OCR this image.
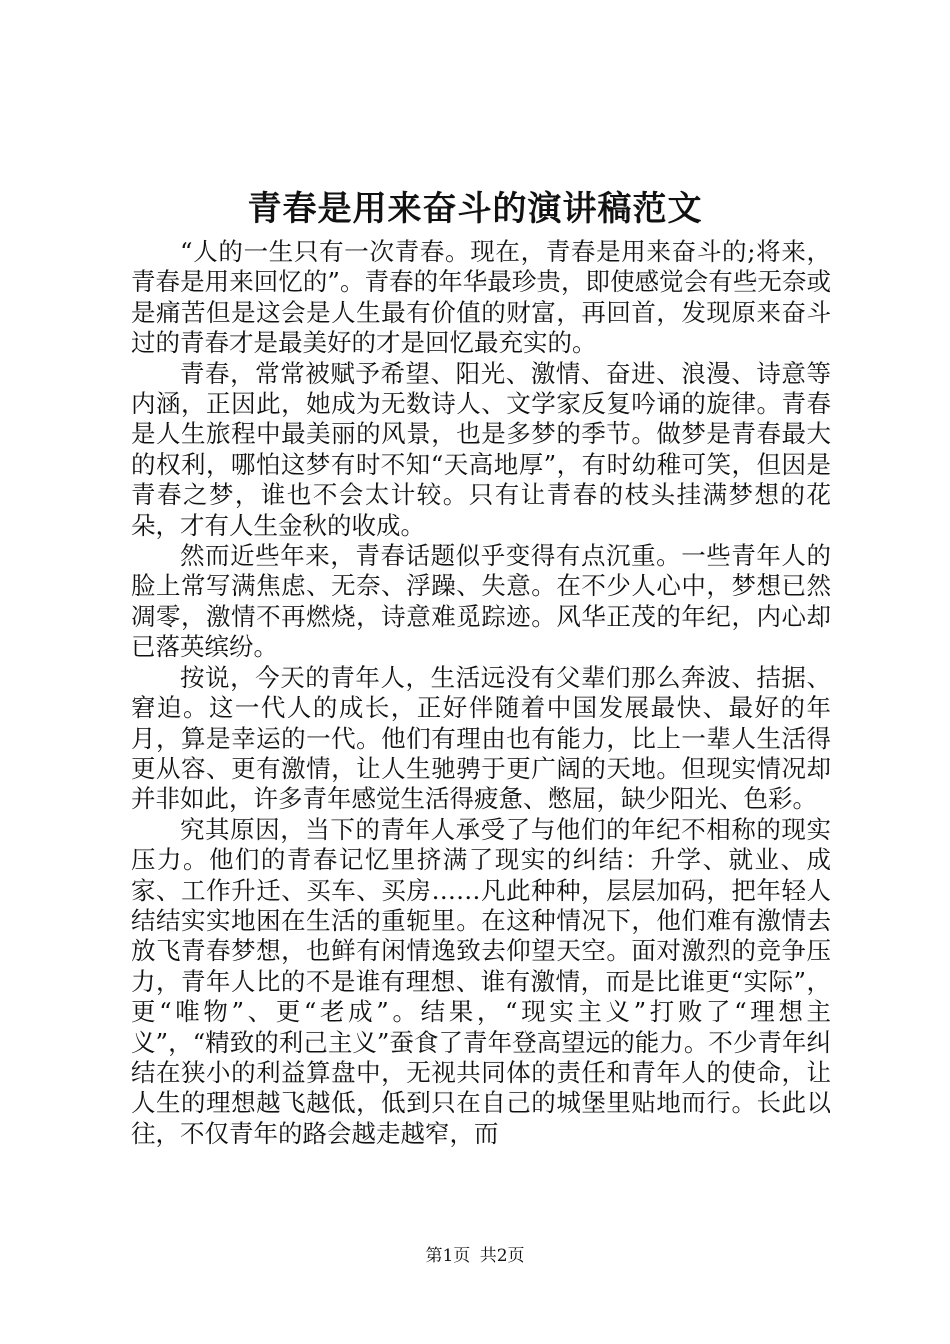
青春是用来奋斗的演讲稿范文

“人的一生只有一次青春。现在，青春是用来奋斗的;将来，青春是用来回忆的”。青春的年华最珍贵，即使感觉会有些无奈或是痛苦但是这会是人生最有价值的财富，再回首，发现原来奋斗过的青春才是最美好的才是回忆最充实的。

青春，常常被赋予希望、阳光、激情、奋进、浪漫、诗意等内涵，正因此，她成为无数诗人、文学家反复吟诵的旋律。青春是人生旅程中最美丽的风景，也是多梦的季节。做梦是青春最大的权利，哪怕这梦有时不知“天高地厚”，有时幼稚可笑，但因是青春之梦，谁也不会太计较。只有让青春的枝头挂满梦想的花朵，才有人生金秋的收成。

然而近些年来，青春话题似乎变得有点沉重。一些青年人的脸上常写满焦虑、无奈、浮躁、失意。在不少人心中，梦想已然凋零，激情不再燃烧，诗意难觅踪迹。风华正茂的年纪，内心却已落英缤纷。

按说，今天的青年人，生活远没有父辈们那么奔波、拮据、窘迫。这一代人的成长，正好伴随着中国发展最快、最好的年月，算是幸运的一代。他们有理由也有能力，比上一辈人生活得更从容、更有激情，让人生驰骋于更广阔的天地。但现实情况却并非如此，许多青年感觉生活得疲惫、憋屈，缺少阳光、色彩。

究其原因，当下的青年人承受了与他们的年纪不相称的现实压力。他们的青春记忆里挤满了现实的纠结：升学、就业、成家、工作升迁、买车、买房……凡此种种，层层加码，把年轻人结结实实地困在生活的重轭里。在这种情况下，他们难有激情去放飞青春梦想，也鲜有闲情逸致去仰望天空。面对激烈的竞争压力，青年人比的不是谁有理想、谁有激情，而是比谁更“实际”，更“唯物”、更“老成”。结果，“现实主义”打败了“理想主义”，“精致的利己主义”蚕食了青年登高望远的能力。不少青年纠结在狭小的利益算盘中，无视共同体的责任和青年人的使命，让人生的理想越飞越低，低到只在自己的城堡里贴地而行。长此以往，不仅青年的路会越走越窄，而

第1页 共2页
